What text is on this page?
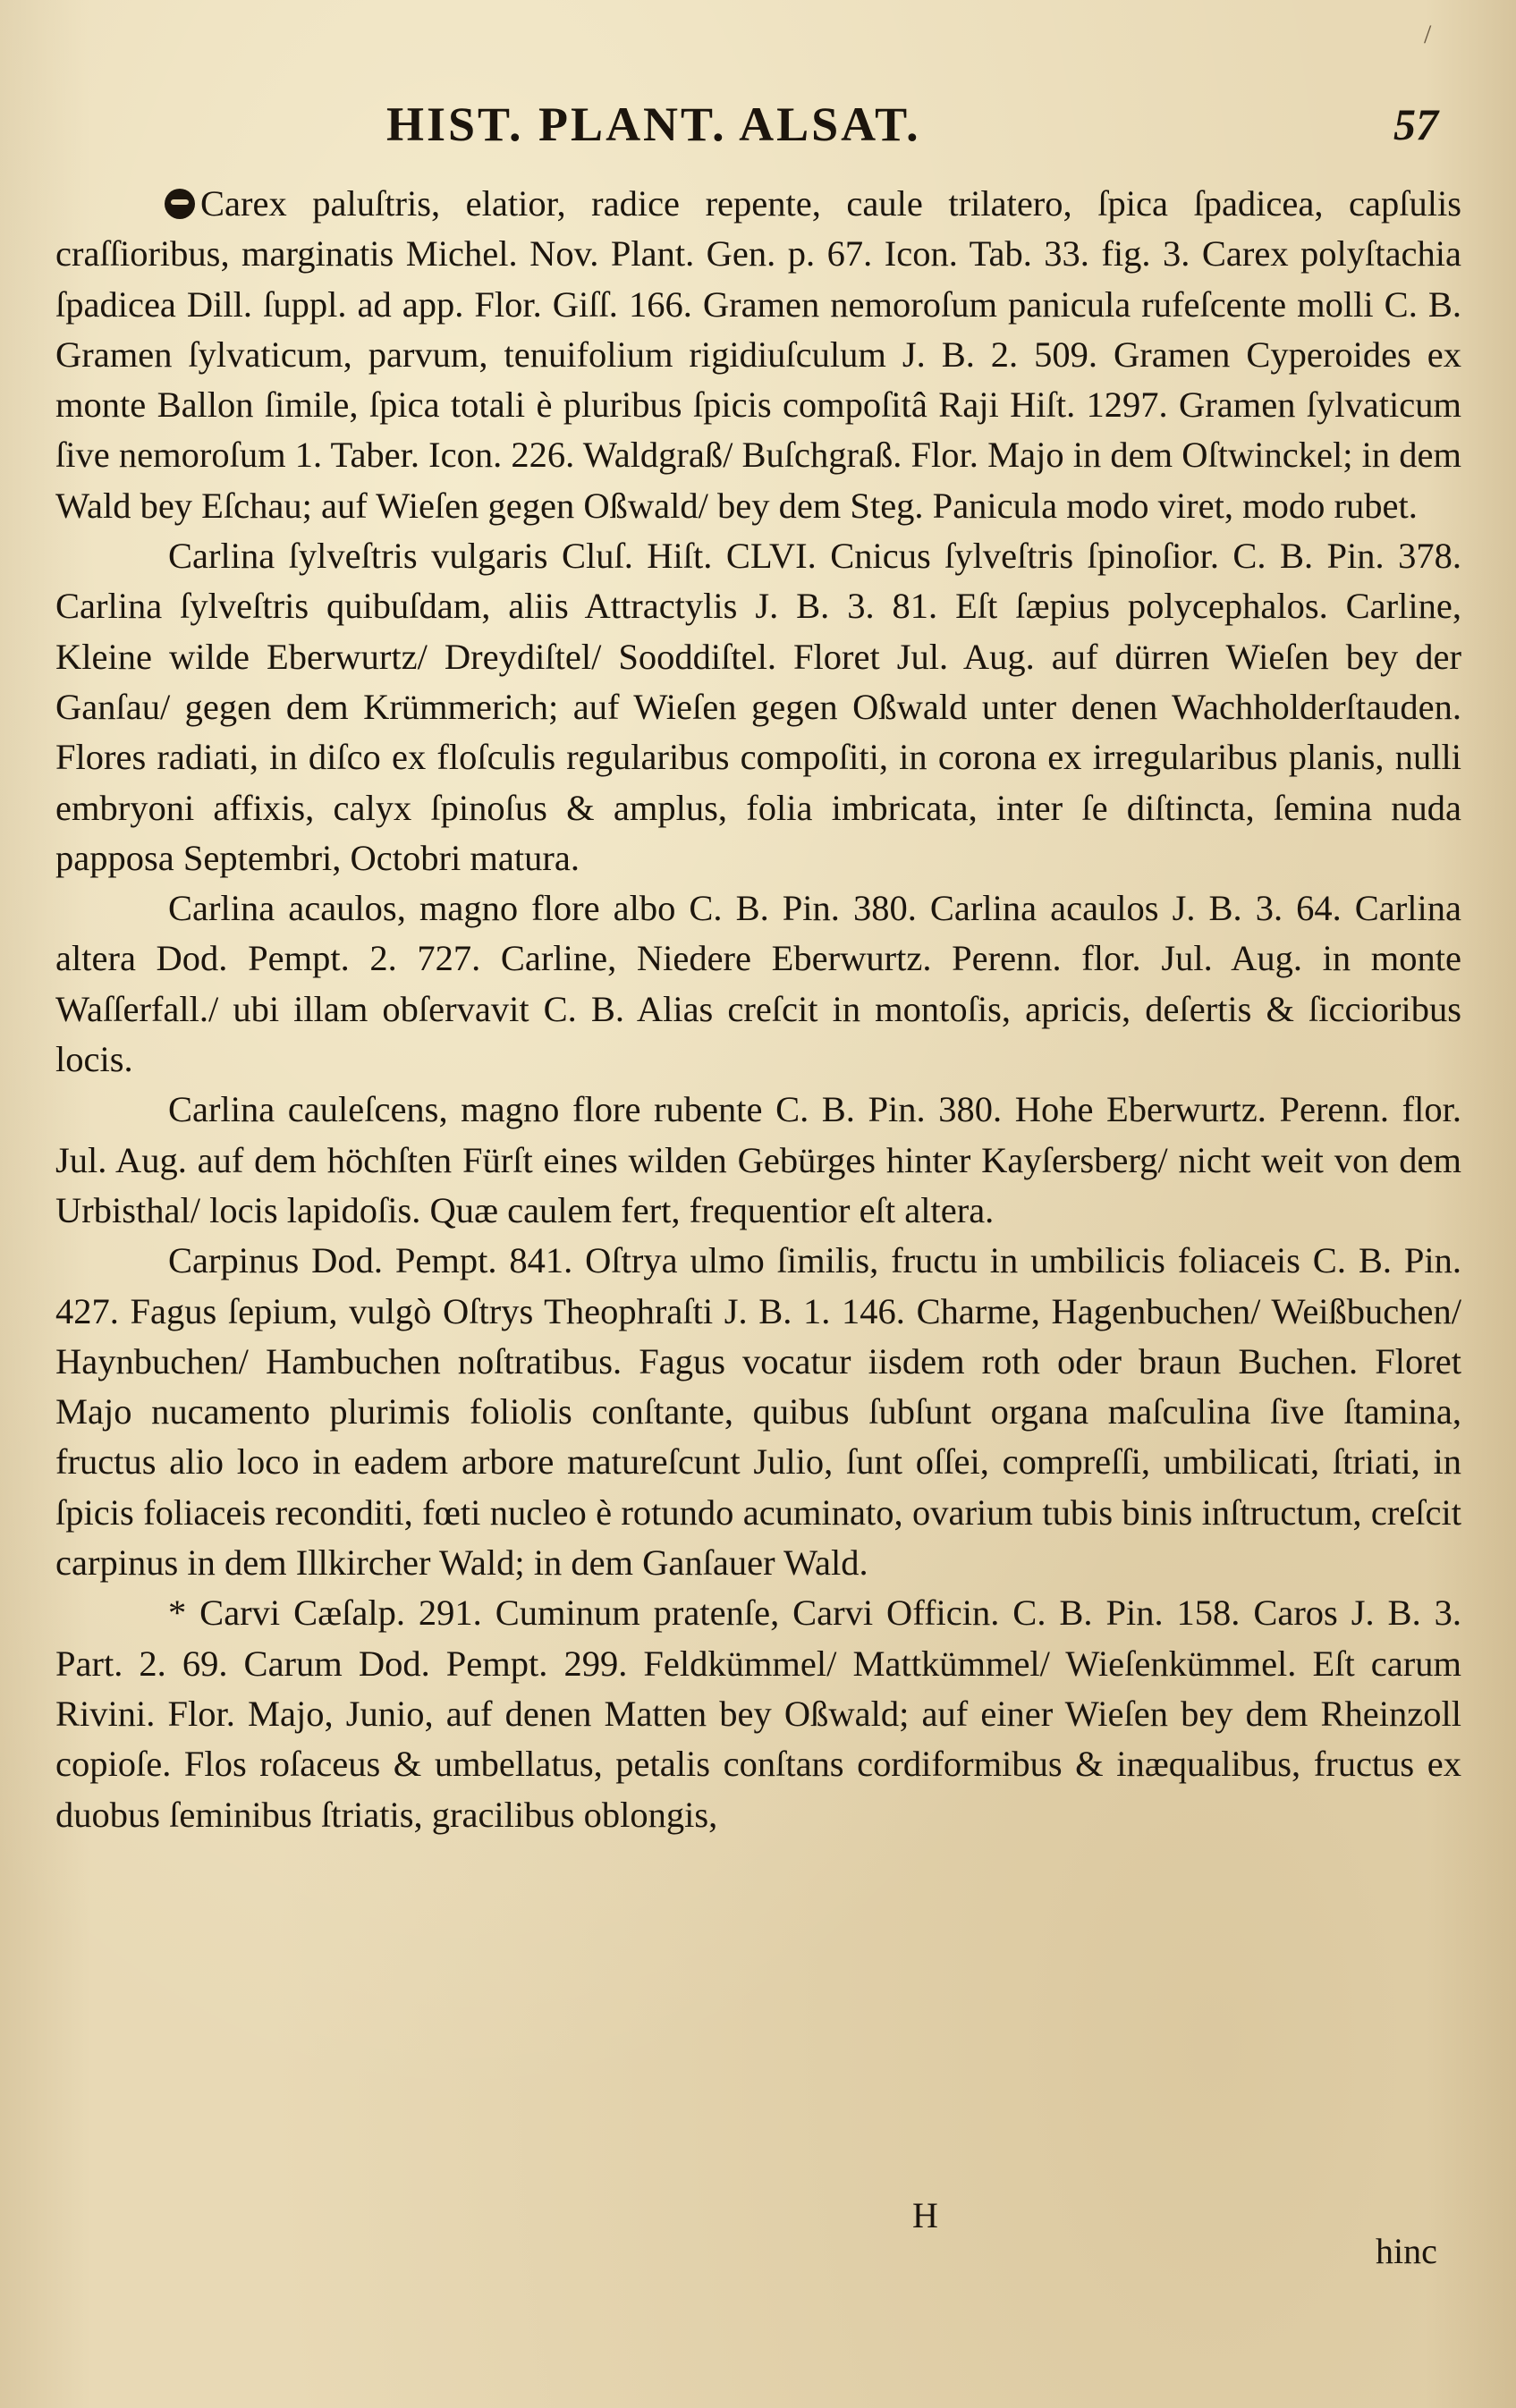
/
HIST. PLANT. ALSAT.	57

Carex paluſtris, elatior, radice repente, caule trilatero, ſpica ſpadicea, capſulis craſſioribus, marginatis Michel. Nov. Plant. Gen. p. 67. Icon. Tab. 33. fig. 3. Carex polyſtachia ſpadicea Dill. ſuppl. ad app. Flor. Giſſ. 166. Gramen nemoroſum panicula rufeſcente molli C. B. Gramen ſylvaticum, parvum, tenuifolium rigidiuſculum J. B. 2. 509. Gramen Cyperoides ex monte Ballon ſimile, ſpica totali è pluribus ſpicis compoſitâ Raji Hiſt. 1297. Gramen ſylvaticum ſive nemoroſum 1. Taber. Icon. 226. Waldgraß/ Buſchgraß. Flor. Majo in dem Oſtwinckel; in dem Wald bey Eſchau; auf Wieſen gegen Oßwald/ bey dem Steg. Panicula modo viret, modo rubet.

Carlina ſylveſtris vulgaris Cluſ. Hiſt. CLVI. Cnicus ſylveſtris ſpinoſior. C. B. Pin. 378. Carlina ſylveſtris quibuſdam, aliis Attractylis J. B. 3. 81. Eſt ſæpius polycephalos. Carline, Kleine wilde Eberwurtz/ Dreydiſtel/ Sooddiſtel. Floret Jul. Aug. auf dürren Wieſen bey der Ganſau/ gegen dem Krümmerich; auf Wieſen gegen Oßwald unter denen Wachholderſtauden. Flores radiati, in diſco ex floſculis regularibus compoſiti, in corona ex irregularibus planis, nulli embryoni affixis, calyx ſpinoſus & amplus, folia imbricata, inter ſe diſtincta, ſemina nuda papposa Septembri, Octobri matura.

Carlina acaulos, magno flore albo C. B. Pin. 380. Carlina acaulos J. B. 3. 64. Carlina altera Dod. Pempt. 2. 727. Carline, Niedere Eberwurtz. Perenn. flor. Jul. Aug. in monte Waſſerfall./ ubi illam obſervavit C. B. Alias creſcit in montoſis, apricis, deſertis & ſiccioribus locis.

Carlina cauleſcens, magno flore rubente C. B. Pin. 380. Hohe Eberwurtz. Perenn. flor. Jul. Aug. auf dem höchſten Fürſt eines wilden Gebürges hinter Kayſersberg/ nicht weit von dem Urbisthal/ locis lapidoſis. Quæ caulem fert, frequentior eſt altera.

Carpinus Dod. Pempt. 841. Oſtrya ulmo ſimilis, fructu in umbilicis foliaceis C. B. Pin. 427. Fagus ſepium, vulgò Oſtrys Theophraſti J. B. 1. 146. Charme, Hagenbuchen/ Weißbuchen/ Haynbuchen/ Hambuchen noſtratibus. Fagus vocatur iisdem roth oder braun Buchen. Floret Majo nucamento plurimis foliolis conſtante, quibus ſubſunt organa maſculina ſive ſtamina, fructus alio loco in eadem arbore matureſcunt Julio, ſunt oſſei, compreſſi, umbilicati, ſtriati, in ſpicis foliaceis reconditi, fœti nucleo è rotundo acuminato, ovarium tubis binis inſtructum, creſcit carpinus in dem Illkircher Wald; in dem Ganſauer Wald.

* Carvi Cæſalp. 291. Cuminum pratenſe, Carvi Officin. C. B. Pin. 158. Caros J. B. 3. Part. 2. 69. Carum Dod. Pempt. 299. Feldkümmel/ Mattkümmel/ Wieſenkümmel. Eſt carum Rivini. Flor. Majo, Junio, auf denen Matten bey Oßwald; auf einer Wieſen bey dem Rheinzoll copioſe. Flos roſaceus & umbellatus, petalis conſtans cordiformibus & inæqualibus, fructus ex duobus ſeminibus ſtriatis, gracilibus oblongis,

H
hinc
